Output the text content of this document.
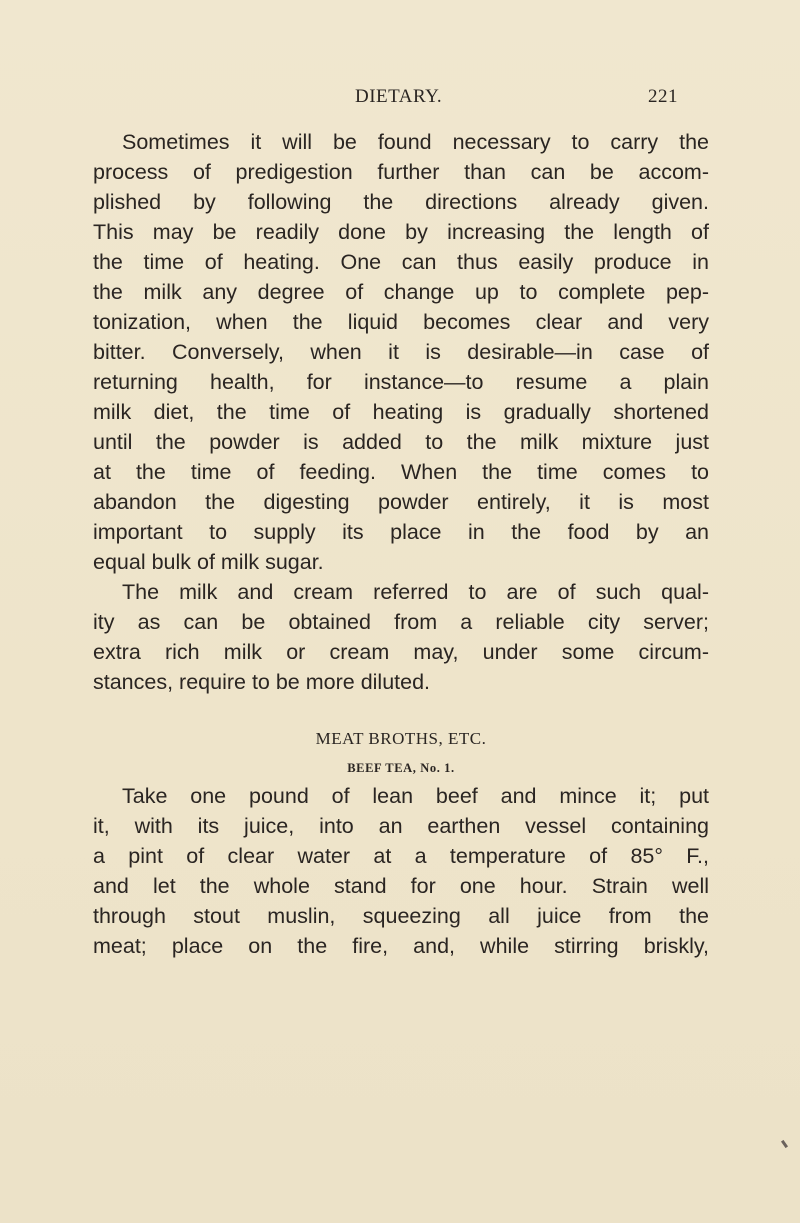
DIETARY.	221
Sometimes it will be found necessary to carry the
process of predigestion further than can be accom-
plished by following the directions already given.
This may be readily done by increasing the length of
the time of heating. One can thus easily produce in
the milk any degree of change up to complete pep-
tonization, when the liquid becomes clear and very
bitter. Conversely, when it is desirable—in case of
returning health, for instance—to resume a plain
milk diet, the time of heating is gradually shortened
until the powder is added to the milk mixture just
at the time of feeding. When the time comes to
abandon the digesting powder entirely, it is most
important to supply its place in the food by an
equal bulk of milk sugar.
The milk and cream referred to are of such qual-
ity as can be obtained from a reliable city server;
extra rich milk or cream may, under some circum-
stances, require to be more diluted.
MEAT BROTHS, ETC.
BEEF TEA, No. 1.
Take one pound of lean beef and mince it; put
it, with its juice, into an earthen vessel containing
a pint of clear water at a temperature of 85° F.,
and let the whole stand for one hour. Strain well
through stout muslin, squeezing all juice from the
meat; place on the fire, and, while stirring briskly,
